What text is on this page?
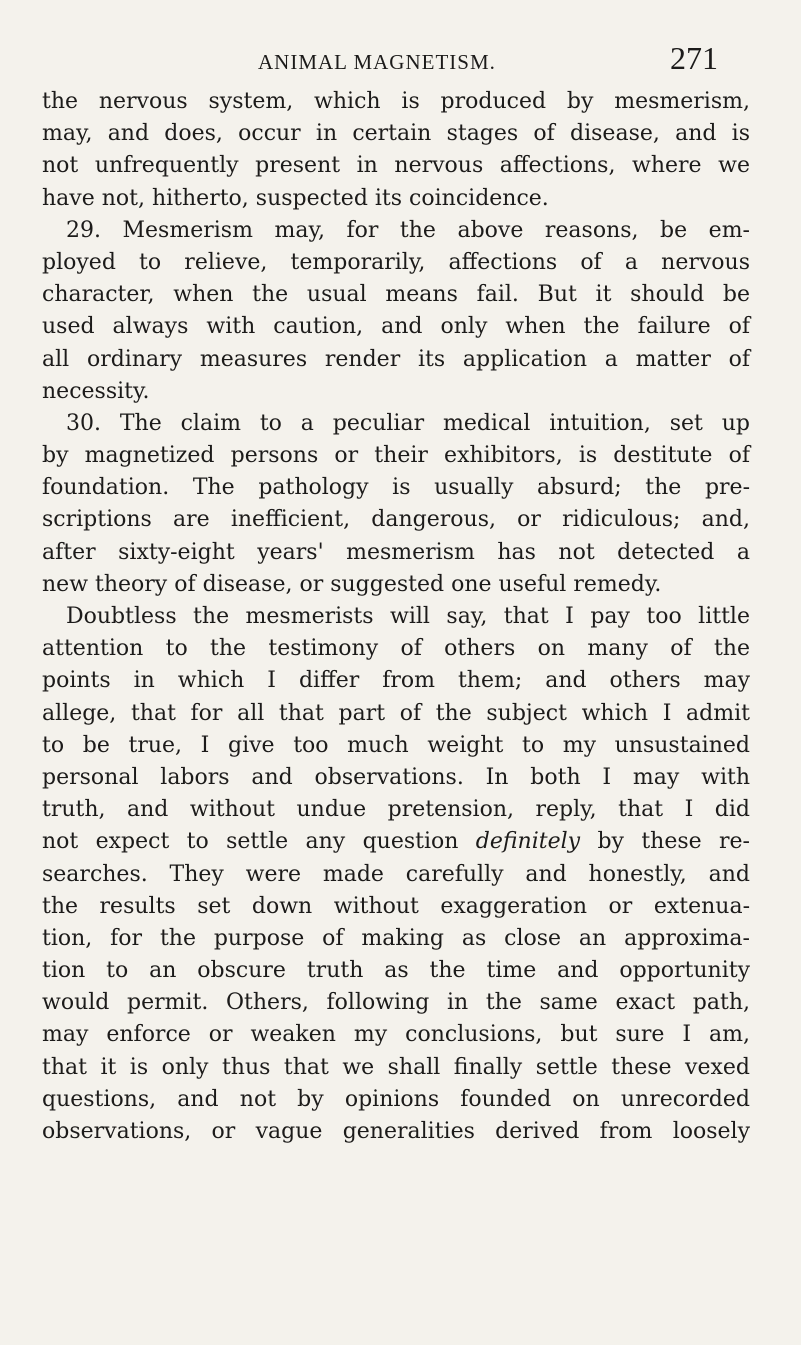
ANIMAL MAGNETISM.	271
the nervous system, which is produced by mesmerism,
may, and does, occur in certain stages of disease, and is
not unfrequently present in nervous affections, where we
have not, hitherto, suspected its coincidence.
29. Mesmerism may, for the above reasons, be em-
ployed to relieve, temporarily, affections of a nervous
character, when the usual means fail. But it should be
used always with caution, and only when the failure of
all ordinary measures render its application a matter of
necessity.
30. The claim to a peculiar medical intuition, set up
by magnetized persons or their exhibitors, is destitute of
foundation. The pathology is usually absurd; the pre-
scriptions are inefficient, dangerous, or ridiculous; and,
after sixty-eight years' mesmerism has not detected a
new theory of disease, or suggested one useful remedy.
Doubtless the mesmerists will say, that I pay too little
attention to the testimony of others on many of the
points in which I differ from them; and others may
allege, that for all that part of the subject which I admit
to be true, I give too much weight to my unsustained
personal labors and observations. In both I may with
truth, and without undue pretension, reply, that I did
not expect to settle any question definitely by these re-
searches. They were made carefully and honestly, and
the results set down without exaggeration or extenua-
tion, for the purpose of making as close an approxima-
tion to an obscure truth as the time and opportunity
would permit. Others, following in the same exact path,
may enforce or weaken my conclusions, but sure I am,
that it is only thus that we shall finally settle these vexed
questions, and not by opinions founded on unrecorded
observations, or vague generalities derived from loosely
